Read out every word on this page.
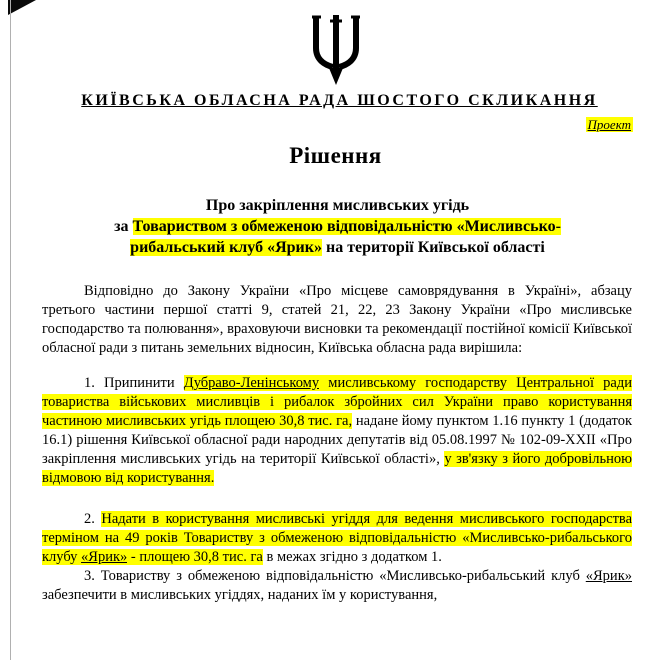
КИЇВСЬКА ОБЛАСНА РАДА ШОСТОГО СКЛИКАННЯ
Проект
Рішення
Про закріплення мисливських угідь
за Товариством з обмеженою відповідальністю «Мисливсько-
рибальський клуб «Ярик» на території Київської області

Відповідно до Закону України «Про місцеве самоврядування в Україні», абзацу третього частини першої статті 9, статей 21, 22, 23 Закону України «Про мисливське господарство та полювання», враховуючи висновки та рекомендації постійної комісії Київської обласної ради з питань земельних відносин, Київська обласна рада вирішила:

1. Припинити Дубраво-Ленінському мисливському господарству Центральної ради товариства військових мисливців і рибалок збройних сил України право користування частиною мисливських угідь площею 30,8 тис. га, надане йому пунктом 1.16 пункту 1 (додаток 16.1) рішення Київської обласної ради народних депутатів від 05.08.1997 № 102-09-XXII «Про закріплення мисливських угідь на території Київської області», у зв'язку з його добровільною відмовою від користування.

2. Надати в користування мисливські угіддя для ведення мисливського господарства терміном на 49 років Товариству з обмеженою відповідальністю «Мисливсько-рибальського клубу «Ярик» - площею 30,8 тис. га в межах згідно з додатком 1.

3. Товариству з обмеженою відповідальністю «Мисливсько-рибальський клуб «Ярик» забезпечити в мисливських угіддях, наданих їм у користування,
